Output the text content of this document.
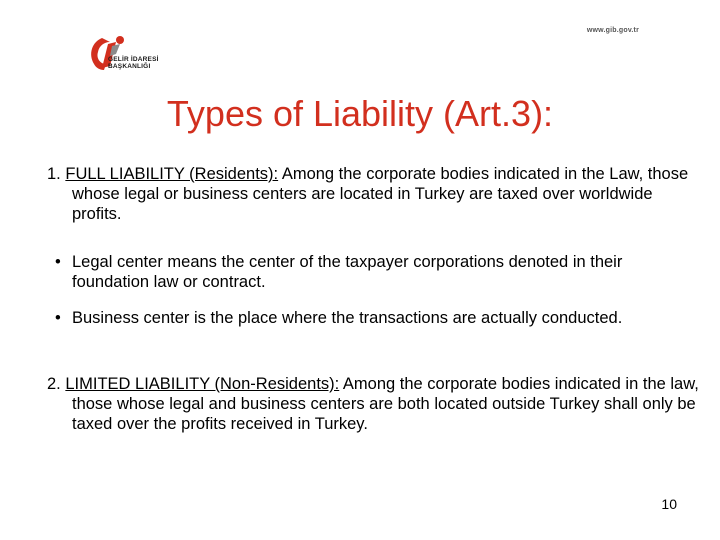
GELİR İDARESİ
BAŞKANLIĞI
www.gib.gov.tr
Types of Liability (Art.3):
1. FULL LIABILITY (Residents): Among the corporate bodies indicated in the Law, those whose legal or business centers are located in Turkey are taxed over worldwide profits.
• Legal center means the center of the taxpayer corporations denoted in their foundation law or contract.
• Business center is the place where the transactions are actually conducted.
2. LIMITED LIABILITY (Non-Residents): Among the corporate bodies indicated in the law, those whose legal and business centers are both located outside Turkey shall only be taxed over the profits received in Turkey.
10
